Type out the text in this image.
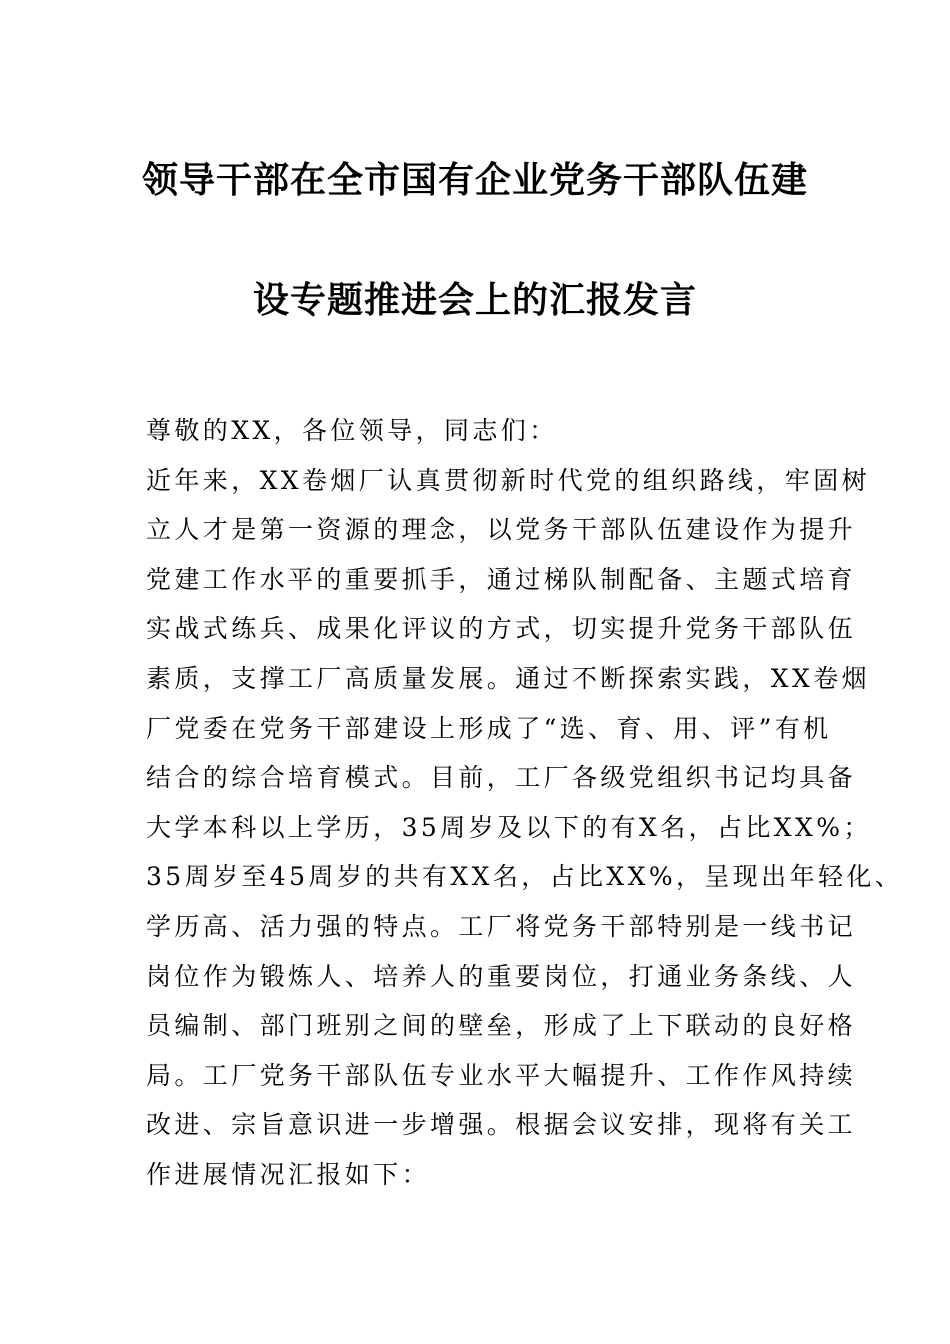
领导干部在全市国有企业党务干部队伍建
设专题推进会上的汇报发言
尊敬的XX，各位领导，同志们：
近年来，XX卷烟厂认真贯彻新时代党的组织路线，牢固树
立人才是第一资源的理念，以党务干部队伍建设作为提升
党建工作水平的重要抓手，通过梯队制配备、主题式培育
实战式练兵、成果化评议的方式，切实提升党务干部队伍
素质，支撑工厂高质量发展。通过不断探索实践，XX卷烟
厂党委在党务干部建设上形成了“选、育、用、评”有机
结合的综合培育模式。目前，工厂各级党组织书记均具备
大学本科以上学历，35周岁及以下的有X名，占比XX%；
35周岁至45周岁的共有XX名，占比XX%，呈现出年轻化、
学历高、活力强的特点。工厂将党务干部特别是一线书记
岗位作为锻炼人、培养人的重要岗位，打通业务条线、人
员编制、部门班别之间的壁垒，形成了上下联动的良好格
局。工厂党务干部队伍专业水平大幅提升、工作作风持续
改进、宗旨意识进一步增强。根据会议安排，现将有关工
作进展情况汇报如下：
